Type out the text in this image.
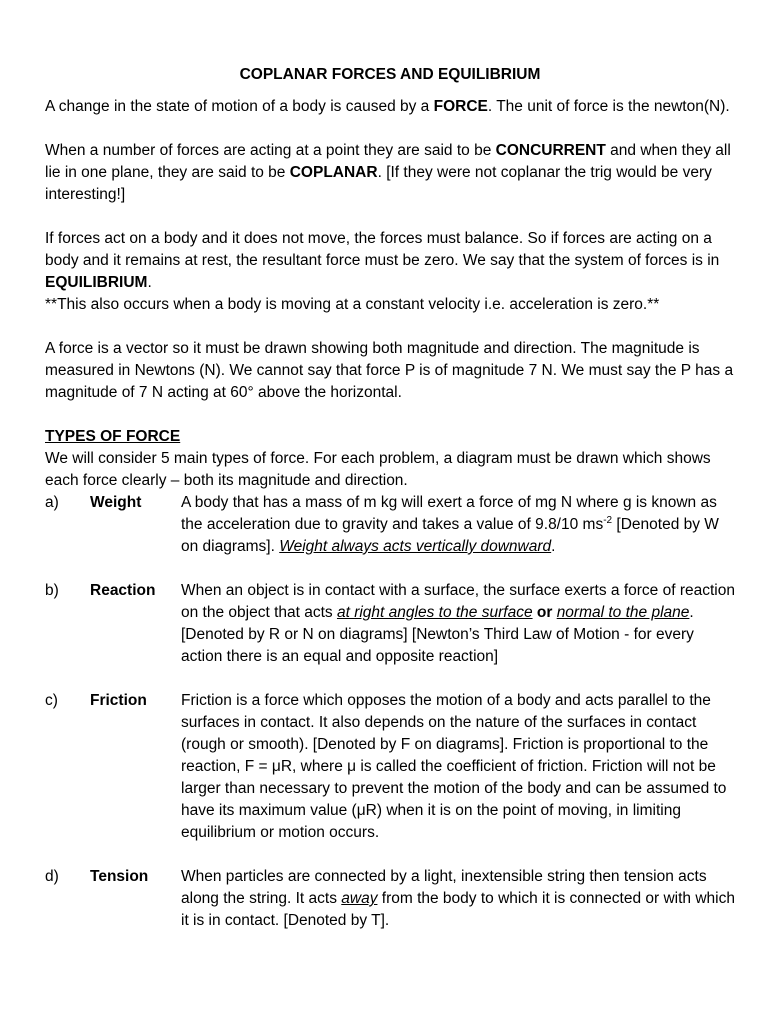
COPLANAR FORCES AND EQUILIBRIUM

A change in the state of motion of a body is caused by a FORCE. The unit of force is the newton(N).

When a number of forces are acting at a point they are said to be CONCURRENT and when they all lie in one plane, they are said to be COPLANAR. [If they were not coplanar the trig would be very interesting!]

If forces act on a body and it does not move, the forces must balance. So if forces are acting on a body and it remains at rest, the resultant force must be zero. We say that the system of forces is in EQUILIBRIUM.

**This also occurs when a body is moving at a constant velocity i.e. acceleration is zero.**

A force is a vector so it must be drawn showing both magnitude and direction. The magnitude is measured in Newtons (N). We cannot say that force P is of magnitude 7 N. We must say the P has a magnitude of 7 N acting at 60° above the horizontal.

TYPES OF FORCE

We will consider 5 main types of force. For each problem, a diagram must be drawn which shows each force clearly – both its magnitude and direction.

a)	Weight	A body that has a mass of m kg will exert a force of mg N where g is known as the acceleration due to gravity and takes a value of 9.8/10 $ms^{-2}$ [Denoted by W on diagrams]. Weight always acts vertically downward.
b)	Reaction	When an object is in contact with a surface, the surface exerts a force of reaction on the object that acts at right angles to the surface or normal to the plane. [Denoted by R or N on diagrams] [Newton’s Third Law of Motion - for every action there is an equal and opposite reaction]
c)	Friction	Friction is a force which opposes the motion of a body and acts parallel to the surfaces in contact. It also depends on the nature of the surfaces in contact (rough or smooth). [Denoted by F on diagrams]. Friction is proportional to the reaction, F = μR, where μ is called the coefficient of friction. Friction will not be larger than necessary to prevent the motion of the body and can be assumed to have its maximum value (μR) when it is on the point of moving, in limiting equilibrium or motion occurs.
d)	Tension	When particles are connected by a light, inextensible string then tension acts along the string. It acts away from the body to which it is connected or with which it is in contact. [Denoted by T].
